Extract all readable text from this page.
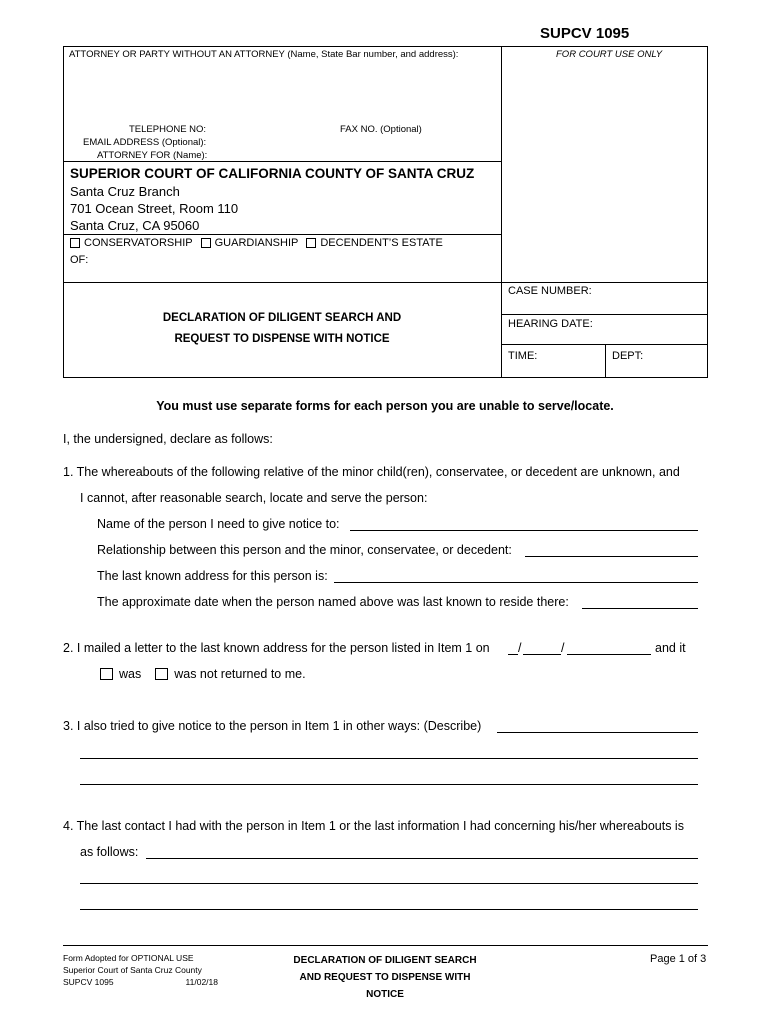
SUPCV 1095
ATTORNEY OR PARTY WITHOUT AN ATTORNEY (Name, State Bar number, and address):	FOR COURT USE ONLY
TELEPHONE NO:	FAX NO. (Optional)
EMAIL ADDRESS (Optional):
ATTORNEY FOR (Name):
SUPERIOR COURT OF CALIFORNIA COUNTY OF SANTA CRUZ
Santa Cruz Branch
701 Ocean Street, Room 110
Santa Cruz, CA 95060
CONSERVATORSHIP GUARDIANSHIP DECENDENT’S ESTATE
OF:
DECLARATION OF DILIGENT SEARCH AND
REQUEST TO DISPENSE WITH NOTICE
CASE NUMBER:
HEARING DATE:
TIME:	DEPT:
You must use separate forms for each person you are unable to serve/locate.
I, the undersigned, declare as follows:
1. The whereabouts of the following relative of the minor child(ren), conservatee, or decedent are unknown, and
I cannot, after reasonable search, locate and serve the person:
Name of the person I need to give notice to:
Relationship between this person and the minor, conservatee, or decedent:
The last known address for this person is:
The approximate date when the person named above was last known to reside there:
2. I mailed a letter to the last known address for the person listed in Item 1 on /	/	and it
was	was not returned to me.
3. I also tried to give notice to the person in Item 1 in other ways: (Describe)
4. The last contact I had with the person in Item 1 or the last information I had concerning his/her whereabouts is
as follows:
Form Adopted for OPTIONAL USE
Superior Court of Santa Cruz County
SUPCV 1095	11/02/18
DECLARATION OF DILIGENT SEARCH
AND REQUEST TO DISPENSE WITH
NOTICE
Page 1 of 3
